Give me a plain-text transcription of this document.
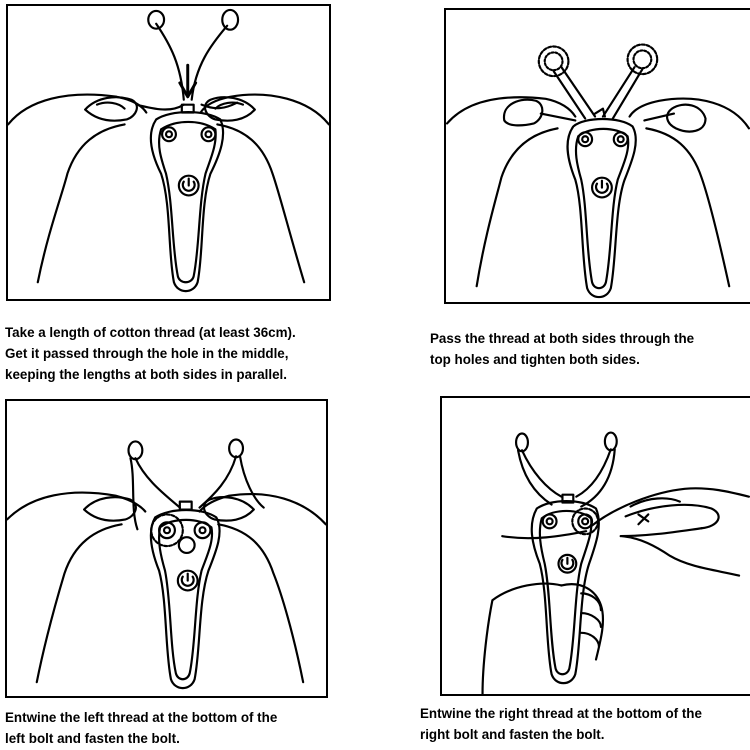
Take a length of cotton thread (at least 36cm).
Get it passed through the hole in the middle,
keeping the lengths at both sides in parallel.
Pass the thread at both sides through the
top holes and tighten both sides.
Entwine the left thread at the bottom of the
left bolt and fasten the bolt.
Entwine the right thread at the bottom of the
right bolt and fasten the bolt.
